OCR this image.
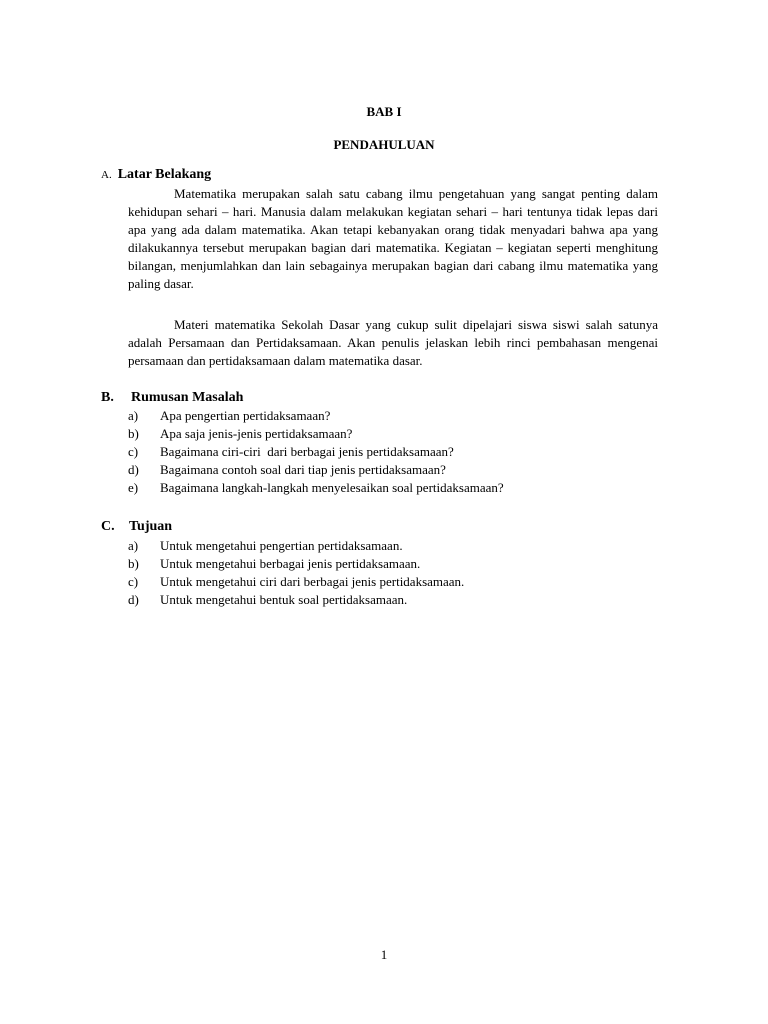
BAB I
PENDAHULUAN
A. Latar Belakang

Matematika merupakan salah satu cabang ilmu pengetahuan yang sangat penting dalam kehidupan sehari – hari. Manusia dalam melakukan kegiatan sehari – hari tentunya tidak lepas dari apa yang ada dalam matematika. Akan tetapi kebanyakan orang tidak menyadari bahwa apa yang dilakukannya tersebut merupakan bagian dari matematika. Kegiatan – kegiatan seperti menghitung bilangan, menjumlahkan dan lain sebagainya merupakan bagian dari cabang ilmu matematika yang paling dasar.

Materi matematika Sekolah Dasar yang cukup sulit dipelajari siswa siswi salah satunya adalah Persamaan dan Pertidaksamaan. Akan penulis jelaskan lebih rinci pembahasan mengenai persamaan dan pertidaksamaan dalam matematika dasar.

B. Rumusan Masalah
a) Apa pengertian pertidaksamaan?
b) Apa saja jenis-jenis pertidaksamaan?
c) Bagaimana ciri-ciri  dari berbagai jenis pertidaksamaan?
d) Bagaimana contoh soal dari tiap jenis pertidaksamaan?
e) Bagaimana langkah-langkah menyelesaikan soal pertidaksamaan?
C. Tujuan
a) Untuk mengetahui pengertian pertidaksamaan.
b) Untuk mengetahui berbagai jenis pertidaksamaan.
c) Untuk mengetahui ciri dari berbagai jenis pertidaksamaan.
d) Untuk mengetahui bentuk soal pertidaksamaan.
1
